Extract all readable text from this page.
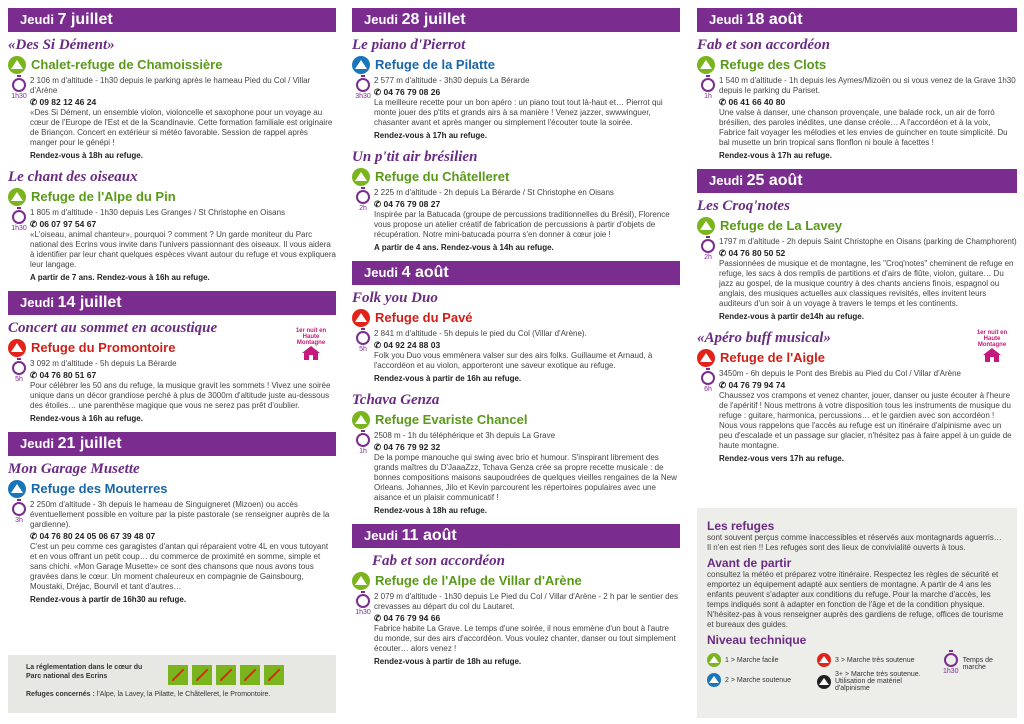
Jeudi 7 juillet
«Des Si Dément»
Chalet-refuge de Chamoissière
1h30
2 106 m d'altitude - 1h30 depuis le parking après le hameau Pied du Col / Villar d'Arène
✆ 09 82 12 46 24
«Des Si Dément, un ensemble violon, violoncelle et saxophone pour un voyage au cœur de l'Europe de l'Est et de la Scandinavie. Cette formation familiale est originaire de Briançon. Concert en extérieur si météo favorable. Session de rappel après manger pour le génépi !
Rendez-vous à 18h au refuge.
Le chant des oiseaux
Refuge de l'Alpe du Pin
1h30
1 805 m d'altitude - 1h30 depuis Les Granges / St Christophe en Oisans
✆ 06 07 97 54 67
«L'oiseau, animal chanteur», pourquoi ? comment ? Un garde moniteur du Parc national des Ecrins vous invite dans l'univers passionnant des oiseaux. Il vous aidera à identifier par leur chant quelques espèces vivant autour du refuge et vous expliquera leur langage.
A partir de 7 ans. Rendez-vous à 16h au refuge.
Jeudi 14 juillet
Concert au sommet en acoustique
Refuge du Promontoire
1er nuit en Haute Montagne
5h
3 092 m d'altitude - 5h depuis La Bérarde
✆ 04 76 80 51 67
Pour célébrer les 50 ans du refuge, la musique gravit les sommets ! Vivez une soirée unique dans un décor grandiose perché à plus de 3000m d'altitude juste au-dessous des étoiles… une parenthèse magique que vous ne serez pas prêt d'oublier.
Rendez-vous à 16h au refuge.
Jeudi 21 juillet
Mon Garage Musette
Refuge des Mouterres
3h
2 250m d'altitude - 3h depuis le hameau de Singuigneret (Mizoen) ou accès éventuellement possible en voiture par la piste pastorale (se renseigner auprès de la gardienne).
✆ 04 76 80 24 05 06 67 39 48 07
C'est un peu comme ces garagistes d'antan qui réparaient votre 4L en vous tutoyant et en vous offrant un petit coup… du commerce de proximité en somme, simple et sans chichi. «Mon Garage Musette» ce sont des chansons que nous avons tous gravées dans le cœur. Un moment chaleureux en compagnie de Gainsbourg, Moustaki, Dréjac, Bourvil et tant d'autres…
Rendez-vous à partir de 16h30 au refuge.
La réglementation dans le cœur du Parc national des Ecrins
Refuges concernés : l'Alpe, la Lavey, la Pilatte, le Châtelleret, le Promontoire.
Jeudi 28 juillet
Le piano d'Pierrot
Refuge de la Pilatte
3h30
2 577 m d'altitude - 3h30 depuis La Bérarde
✆ 04 76 79 08 26
La meilleure recette pour un bon apéro : un piano tout tout là-haut et… Pierrot qui monte jouer des p'tits et grands airs à sa manière ! Venez jazzer, swwwinguer, chasanter avant et après manger ou simplement l'écouter toute la soirée.
Rendez-vous à 17h au refuge.
Un p'tit air brésilien
Refuge du Châtelleret
2h
2 225 m d'altitude - 2h depuis La Bérarde / St Christophe en Oisans
✆ 04 76 79 08 27
Inspirée par la Batucada (groupe de percussions traditionnelles du Brésil), Florence vous propose un atelier créatif de fabrication de percussions à partir d'objets de récupération. Notre mini-batucada pourra s'en donner à cœur joie !
A partir de 4 ans. Rendez-vous à 14h au refuge.
Jeudi 4 août
Folk you Duo
Refuge du Pavé
5h
2 841 m d'altitude - 5h depuis le pied du Col (Villar d'Arène).
✆ 04 92 24 88 03
Folk you Duo vous emmènera valser sur des airs folks. Guillaume et Arnaud, à l'accordéon et au violon, apporteront une saveur exotique au refuge.
Rendez-vous à partir de 16h au refuge.
Tchava Genza
Refuge Evariste Chancel
1h
2508 m - 1h du téléphérique et 3h depuis La Grave
✆ 04 76 79 92 32
De la pompe manouche qui swing avec brio et humour. S'inspirant librement des grands maîtres du D'JaaaZzz, Tchava Genza crée sa propre recette musicale : de bonnes compositions maisons saupoudrées de quelques vieilles rengaines de la New Orleans. Johannes, Jilo et Kevin parcourent les répertoires populaires avec une aisance et un plaisir communicatif !
Rendez-vous à 18h au refuge.
Jeudi 11 août
Fab et son accordéon
Refuge de l'Alpe de Villar d'Arène
1h30
2 079 m d'altitude - 1h30 depuis Le Pied du Col / Villar d'Arène - 2 h par le sentier des crevasses au départ du col du Lautaret.
✆ 04 76 79 94 66
Fabrice habite La Grave. Le temps d'une soirée, il nous emmène d'un bout à l'autre du monde, sur des airs d'accordéon. Vous voulez chanter, danser ou tout simplement écouter… alors venez !
Rendez-vous à partir de 18h au refuge.
Jeudi 18 août
Fab et son accordéon
Refuge des Clots
1h
1 540 m d'altitude - 1h depuis les Aymes/Mizoën ou si vous venez de la Grave 1h30 depuis le parking du Pariset.
✆ 06 41 66 40 80
Une valse à danser, une chanson provençale, une balade rock, un air de forró brésilien, des paroles inédites, une danse créole… A l'accordéon et à la voix, Fabrice fait voyager les mélodies et les envies de guincher en toute simplicité. Du bal musette un brin tropical sans flonflon ni boule à facettes !
Rendez-vous à 17h au refuge.
Jeudi 25 août
Les Croq'notes
Refuge de La Lavey
2h
1797 m d'altitude - 2h depuis Saint Christophe en Oisans (parking de Champhorent)
✆ 04 76 80 50 52
Passionnées de musique et de montagne, les "Croq'notes" cheminent de refuge en refuge, les sacs à dos remplis de partitions et d'airs de flûte, violon, guitare… Du jazz au gospel, de la musique country à des chants anciens finois, espagnol ou anglais, des musiques actuelles aux classiques revisités, elles invitent leurs auditeurs d'un soir à un voyage à travers le temps et les continents.
Rendez-vous à partir de14h au refuge.
«Apéro buff musical»
Refuge de l'Aigle
1er nuit en Haute Montagne
6h
3450m - 6h depuis le Pont des Brebis au Pied du Col / Villar d'Arène
✆ 04 76 79 94 74
Chaussez vos crampons et venez chanter, jouer, danser ou juste écouter à l'heure de l'apéritif ! Nous mettrons à votre disposition tous les instruments de musique du refuge : guitare, harmonica, percussions… et le gardien avec son accordéon ! Nous vous rappelons que l'accès au refuge est un itinéraire d'alpinisme avec un peu d'escalade et un passage sur glacier, n'hésitez pas à faire appel à un guide de haute montagne.
Rendez-vous vers 17h au refuge.
Les refuges
sont souvent perçus comme inaccessibles et réservés aux montagnards aguerris… Il n'en est rien !! Les refuges sont des lieux de convivialité ouverts à tous.
Avant de partir
consultez la météo et préparez votre itinéraire. Respectez les règles de sécurité et emportez un équipement adapté aux sentiers de montagne. A partir de 4 ans les enfants peuvent s'adapter aux conditions du refuge. Pour la marche d'accès, les temps indiqués sont à adapter en fonction de l'âge et de la condition physique. N'hésitez-pas à vous renseigner auprès des gardiens de refuge, offices de tourisme et bureaux des guides.
Niveau technique
1 > Marche facile
2 > Marche soutenue
3 > Marche très soutenue
3+ > Marche très soutenue. Utilisation de matériel d'alpinisme
1h30
Temps de marche
